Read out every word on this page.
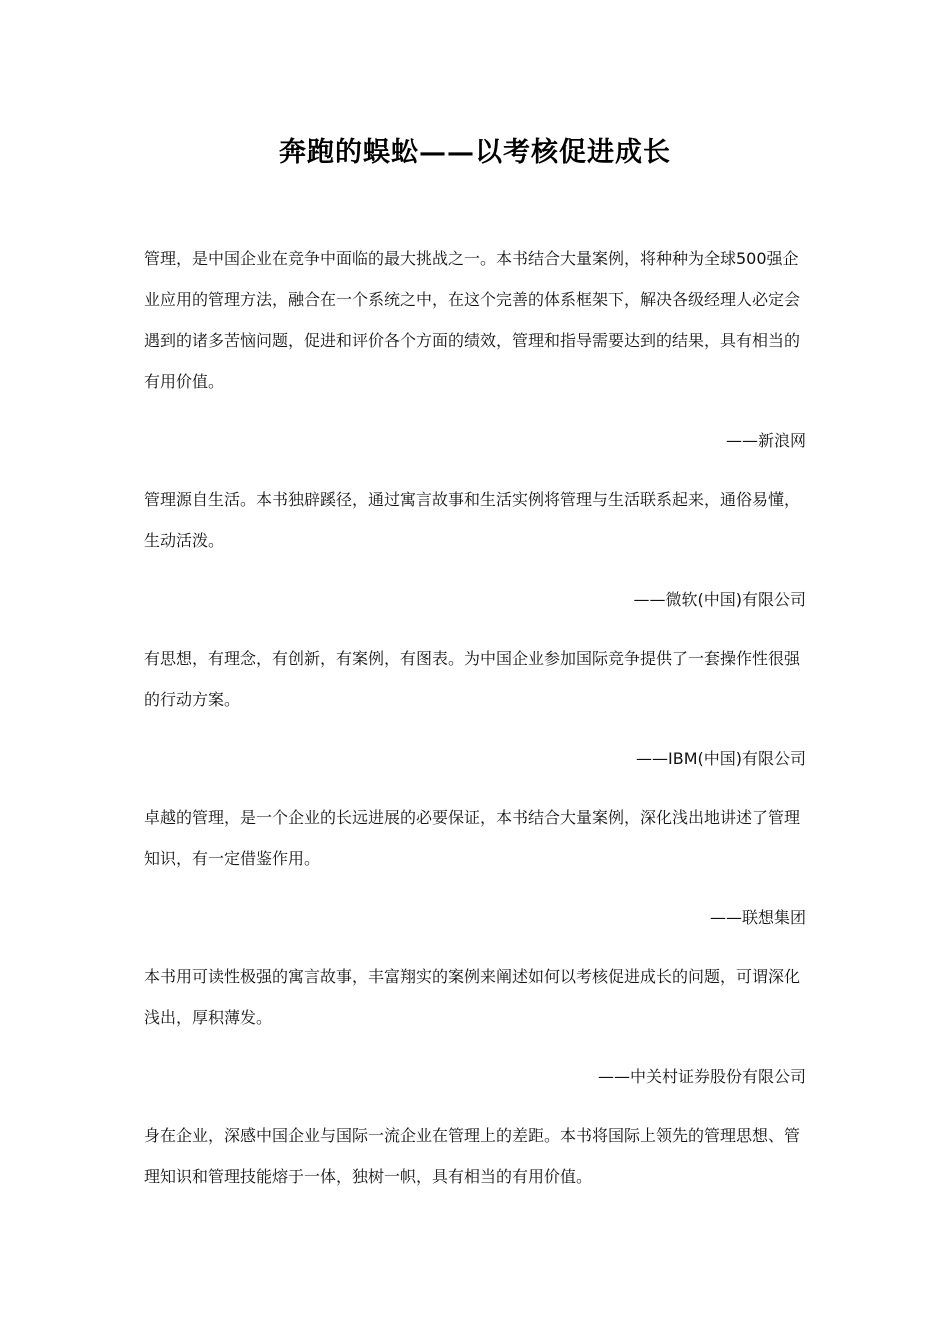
奔跑的蜈蚣——以考核促进成长

管理，是中国企业在竞争中面临的最大挑战之一。本书结合大量案例，将种种为全球500强企业应用的管理方法，融合在一个系统之中，在这个完善的体系框架下，解决各级经理人必定会遇到的诸多苦恼问题，促进和评价各个方面的绩效，管理和指导需要达到的结果，具有相当的有用价值。

——新浪网

管理源自生活。本书独辟蹊径，通过寓言故事和生活实例将管理与生活联系起来，通俗易懂，生动活泼。

——微软(中国)有限公司

有思想，有理念，有创新，有案例，有图表。为中国企业参加国际竞争提供了一套操作性很强的行动方案。

——IBM(中国)有限公司

卓越的管理，是一个企业的长远进展的必要保证，本书结合大量案例，深化浅出地讲述了管理知识，有一定借鉴作用。

——联想集团

本书用可读性极强的寓言故事，丰富翔实的案例来阐述如何以考核促进成长的问题，可谓深化浅出，厚积薄发。

——中关村证券股份有限公司

身在企业，深感中国企业与国际一流企业在管理上的差距。本书将国际上领先的管理思想、管理知识和管理技能熔于一体，独树一帜，具有相当的有用价值。
